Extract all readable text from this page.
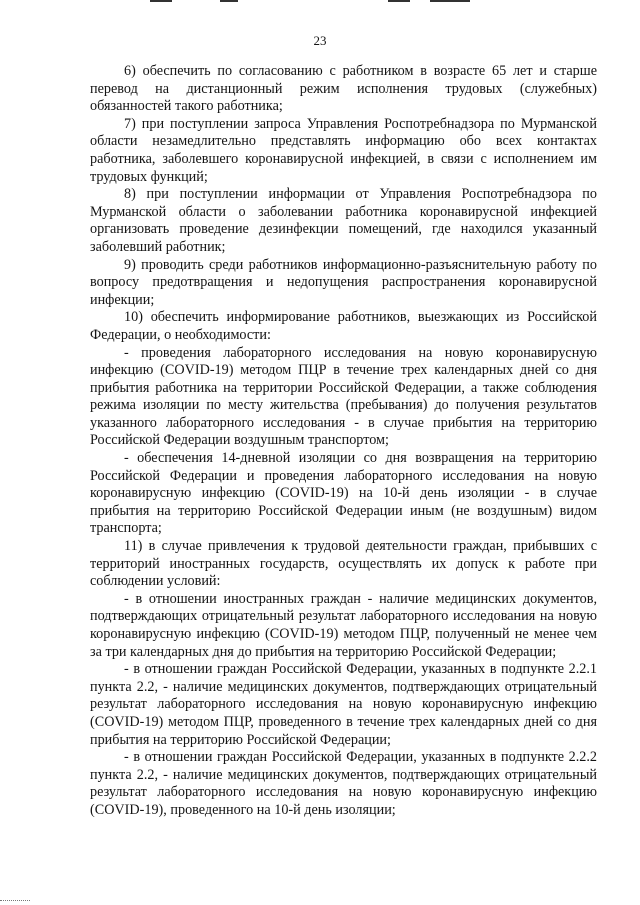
23

6) обеспечить по согласованию с работником в возрасте 65 лет и старше перевод на дистанционный режим исполнения трудовых (служебных) обязанностей такого работника;

7) при поступлении запроса Управления Роспотребнадзора по Мурманской области незамедлительно представлять информацию обо всех контактах работника, заболевшего коронавирусной инфекцией, в связи с исполнением им трудовых функций;

8) при поступлении информации от Управления Роспотребнадзора по Мурманской области о заболевании работника коронавирусной инфекцией организовать проведение дезинфекции помещений, где находился указанный заболевший работник;

9) проводить среди работников информационно-разъяснительную работу по вопросу предотвращения и недопущения распространения коронавирусной инфекции;

10) обеспечить информирование работников, выезжающих из Российской Федерации, о необходимости:

- проведения лабораторного исследования на новую коронавирусную инфекцию (COVID-19) методом ПЦР в течение трех календарных дней со дня прибытия работника на территории Российской Федерации, а также соблюдения режима изоляции по месту жительства (пребывания) до получения результатов указанного лабораторного исследования - в случае прибытия на территорию Российской Федерации воздушным транспортом;

- обеспечения 14-дневной изоляции со дня возвращения на территорию Российской Федерации и проведения лабораторного исследования на новую коронавирусную инфекцию (COVID-19) на 10-й день изоляции - в случае прибытия на территорию Российской Федерации иным (не воздушным) видом транспорта;

11) в случае привлечения к трудовой деятельности граждан, прибывших с территорий иностранных государств, осуществлять их допуск к работе при соблюдении условий:

- в отношении иностранных граждан - наличие медицинских документов, подтверждающих отрицательный результат лабораторного исследования на новую коронавирусную инфекцию (COVID-19) методом ПЦР, полученный не менее чем за три календарных дня до прибытия на территорию Российской Федерации;

- в отношении граждан Российской Федерации, указанных в подпункте 2.2.1 пункта 2.2, - наличие медицинских документов, подтверждающих отрицательный результат лабораторного исследования на новую коронавирусную инфекцию (COVID-19) методом ПЦР, проведенного в течение трех календарных дней со дня прибытия на территорию Российской Федерации;

- в отношении граждан Российской Федерации, указанных в подпункте 2.2.2 пункта 2.2, - наличие медицинских документов, подтверждающих отрицательный результат лабораторного исследования на новую коронавирусную инфекцию (COVID-19), проведенного на 10-й день изоляции;
